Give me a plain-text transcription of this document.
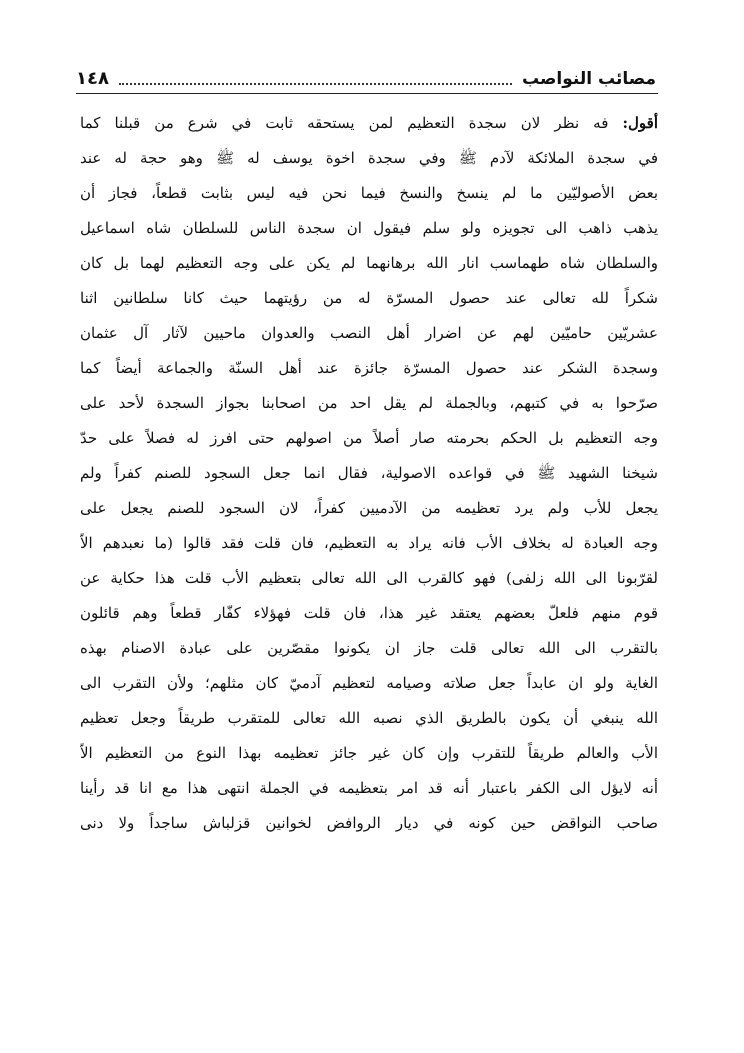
١٤٨	مصائب النواصب
أقول: فه نظر لان سجدة التعظيم لمن يستحقه ثابت في شرع من قبلنا كما
في سجدة الملائكة لآدم ﷺ وفي سجدة اخوة يوسف له ﷺ وهو حجة له عند
بعض الأصوليّين ما لم ينسخ والنسخ فيما نحن فيه ليس بثابت قطعاً، فجاز أن
يذهب ذاهب الى تجويزه ولو سلم فيقول ان سجدة الناس للسلطان شاه اسماعيل
والسلطان شاه طهماسب انار الله برهانهما لم يكن على وجه التعظيم لهما بل كان
شكراً لله تعالى عند حصول المسرّة له من رؤيتهما حيث كانا سلطانين اثنا
عشريّين حاميّين لهم عن اضرار أهل النصب والعدوان ماحيين لآثار آل عثمان
وسجدة الشكر عند حصول المسرّة جائزة عند أهل السنّة والجماعة أيضاً كما
صرّحوا به في كتبهم، وبالجملة لم يقل احد من اصحابنا بجواز السجدة لأحد على
وجه التعظيم بل الحكم بحرمته صار أصلاً من اصولهم حتى افرز له فصلاً على حدّ
شيخنا الشهيد ﷺ في قواعده الاصولية، فقال انما جعل السجود للصنم كفراً ولم
يجعل للأب ولم يرد تعظيمه من الآدميين كفراً، لان السجود للصنم يجعل على
وجه العبادة له بخلاف الأب فانه يراد به التعظيم، فان قلت فقد قالوا (ما نعبدهم الاّ
لقرّبونا الى الله زلفى) فهو كالقرب الى الله تعالى بتعظيم الأب قلت هذا حكاية عن
قوم منهم فلعلّ بعضهم يعتقد غير هذا، فان قلت فهؤلاء كفّار قطعاً وهم قائلون
بالتقرب الى الله تعالى قلت جاز ان يكونوا مقصّرين على عبادة الاصنام بهذه
الغاية ولو ان عابداً جعل صلاته وصيامه لتعظيم آدميّ كان مثلهم؛ ولأن التقرب الى
الله ينبغي أن يكون بالطريق الذي نصبه الله تعالى للمتقرب طريقاً وجعل تعظيم
الأب والعالم طريقاً للتقرب وإن كان غير جائز تعظيمه بهذا النوع من التعظيم الاّ
أنه لايؤل الى الكفر باعتبار أنه قد امر بتعظيمه في الجملة انتهى هذا مع انا قد رأينا
صاحب النواقض حين كونه في ديار الروافض لخوانين قزلباش ساجداً ولا دنى
